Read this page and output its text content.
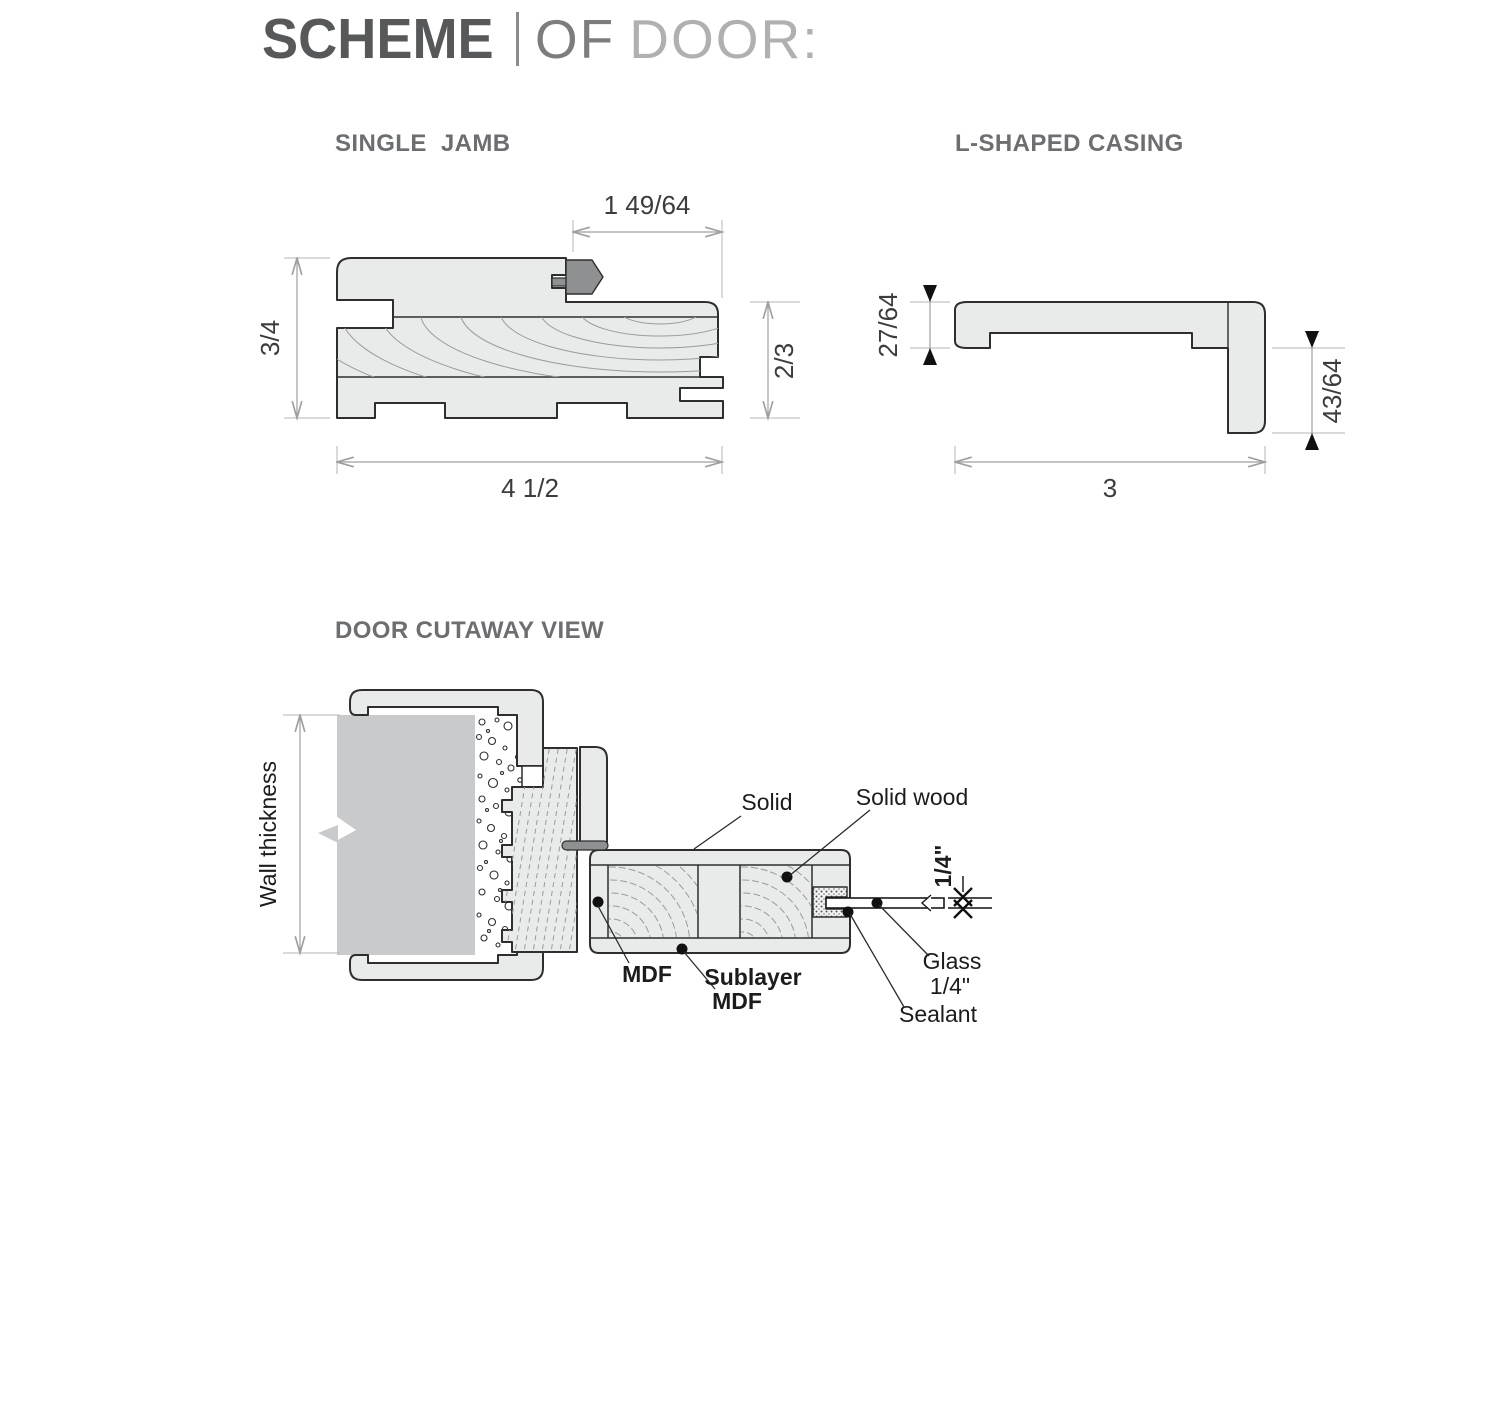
SCHEME OF DOOR:
SINGLE  JAMB	L-SHAPED CASING
DOOR CUTAWAY VIEW
1 49/64
3/4
2/3
4 1/2
27/64
43/64
3
1/4"
Wall thickness	Solid	Solid wood
MDF Sublayer
MDF
Glass
1/4"
Sealant
